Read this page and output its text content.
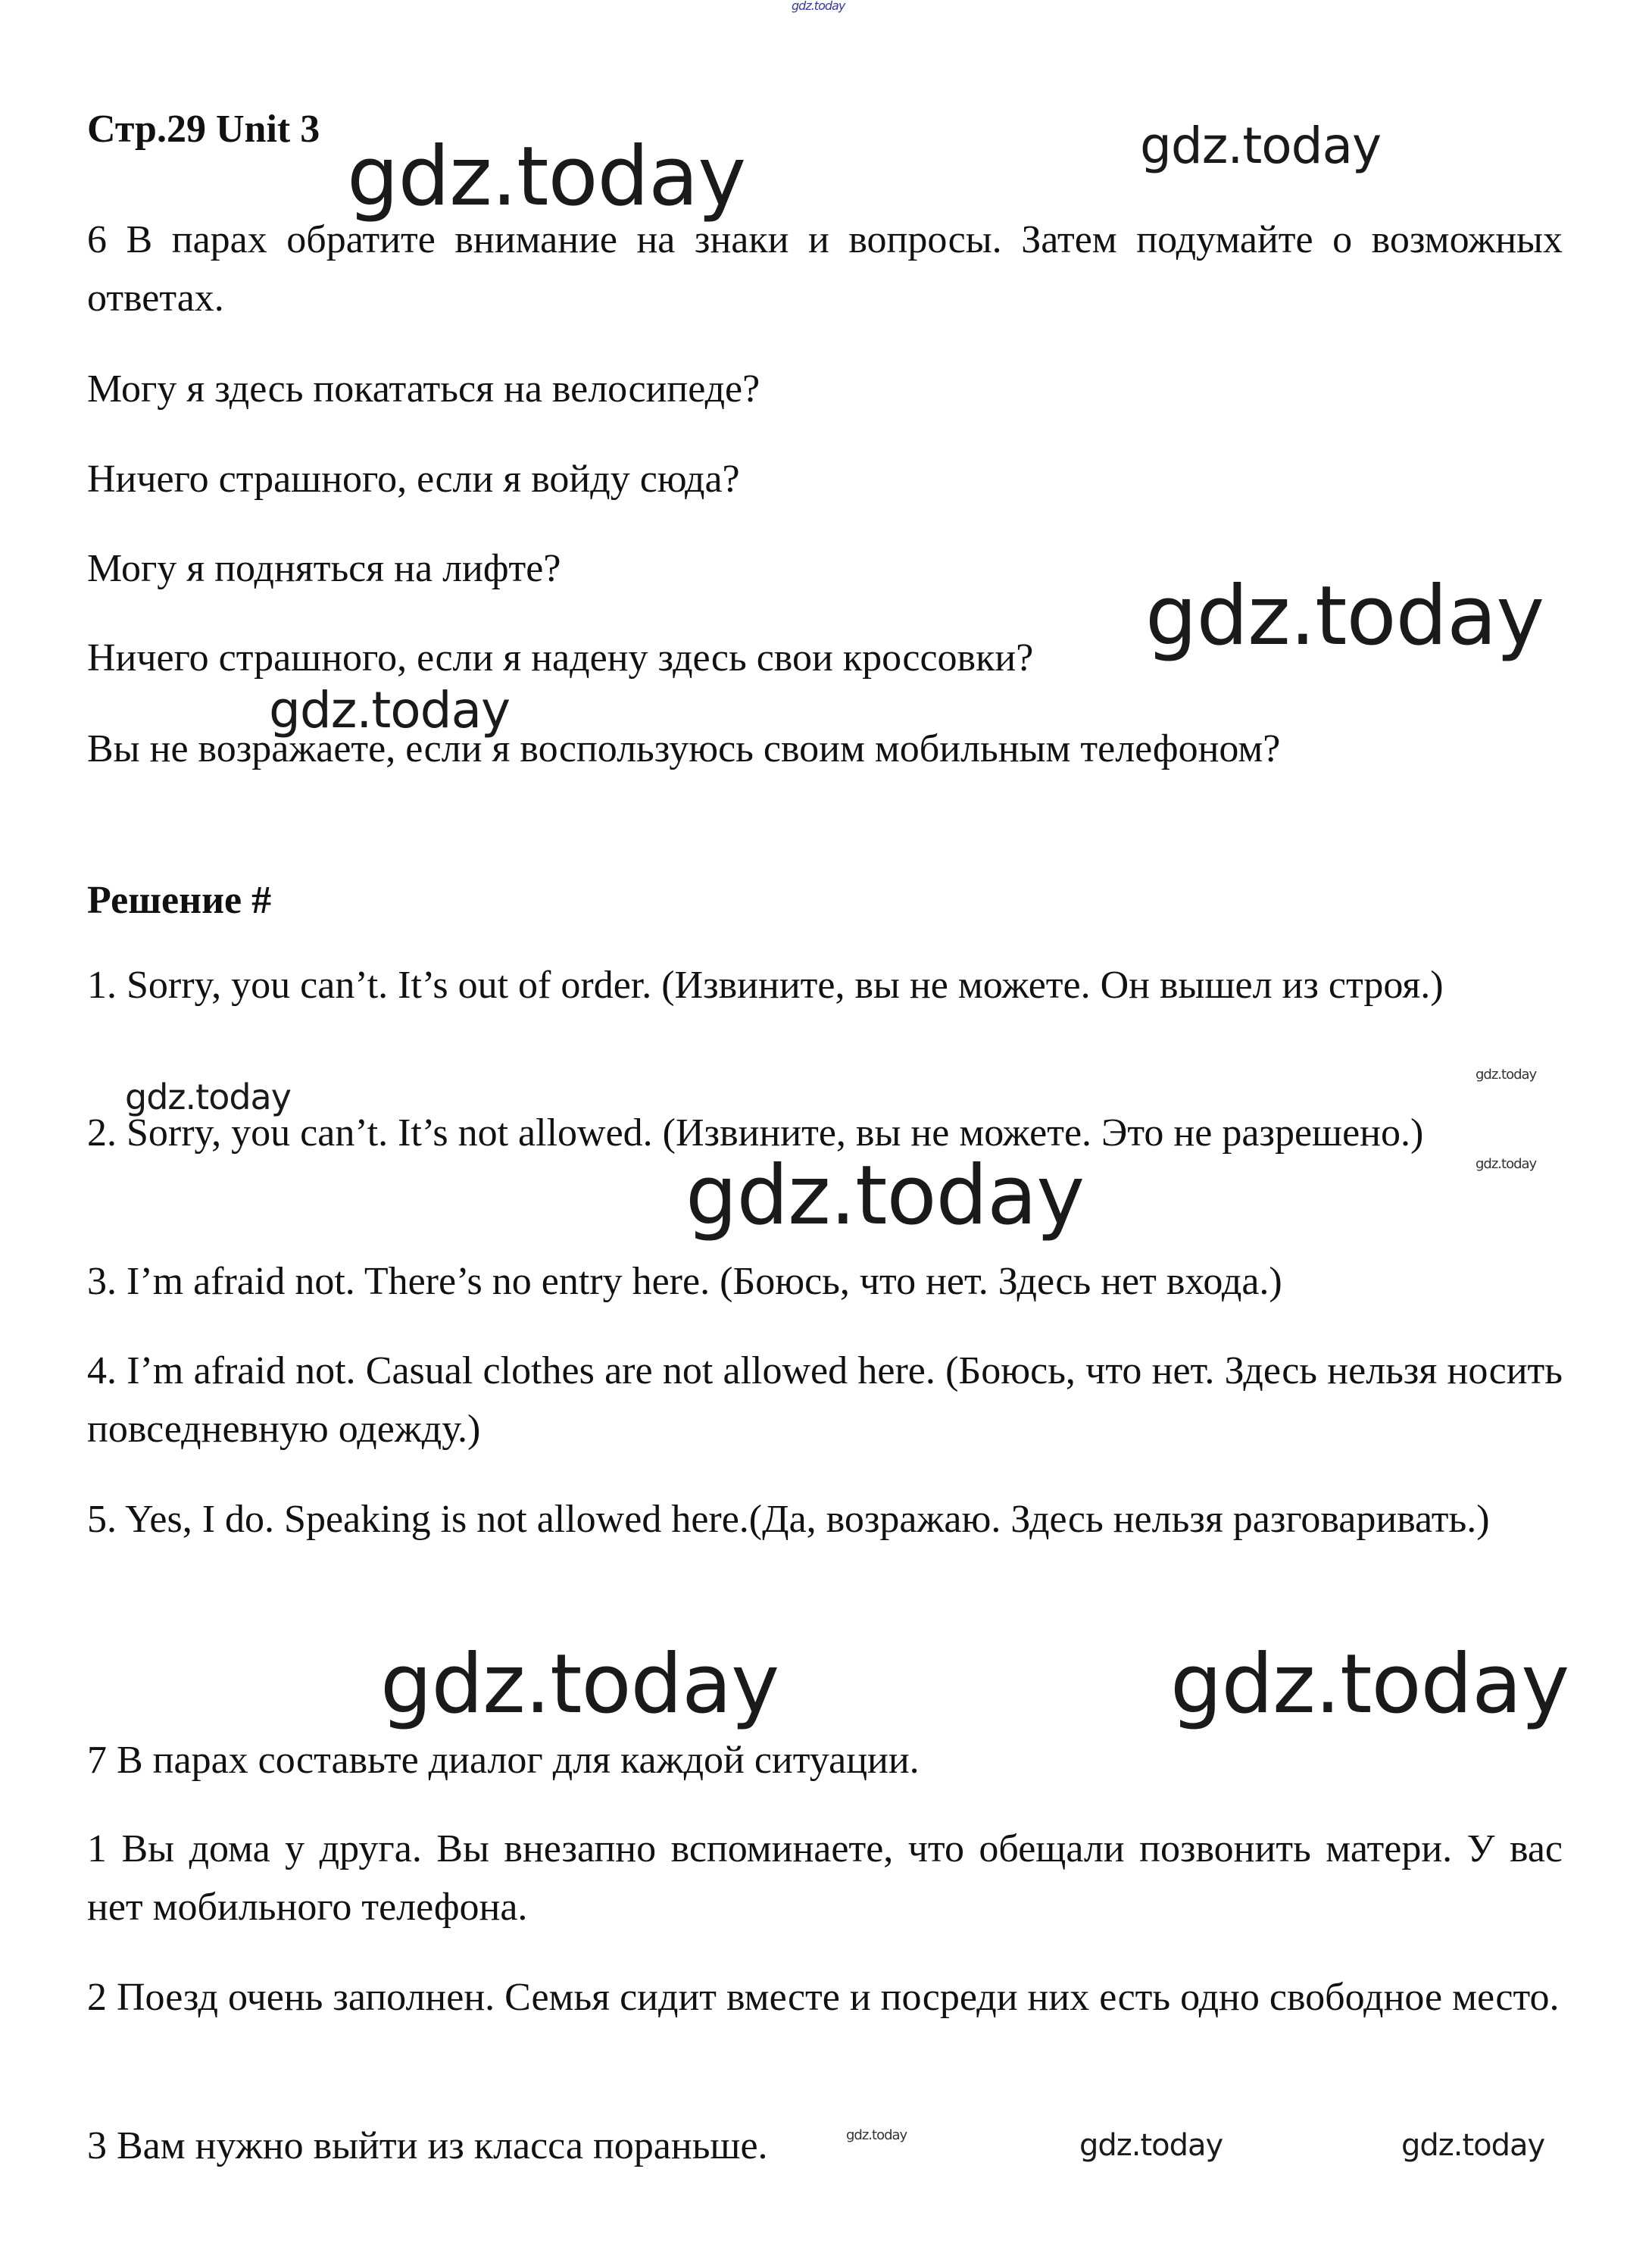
Стр.29 Unit 3
6 В парах обратите внимание на знаки и вопросы. Затем подумайте о возможных ответах.
Могу я здесь покататься на велосипеде?
Ничего страшного, если я войду сюда?
Могу я подняться на лифте?
Ничего страшного, если я надену здесь свои кроссовки?
Вы не возражаете, если я воспользуюсь своим мобильным телефоном?
Решение #
1. Sorry, you can’t. It’s out of order. (Извините, вы не можете. Он вышел из строя.)
2. Sorry, you can’t. It’s not allowed. (Извините, вы не можете. Это не разрешено.)
3. I’m afraid not. There’s no entry here. (Боюсь, что нет. Здесь нет входа.)
4. I’m afraid not. Casual clothes are not allowed here. (Боюсь, что нет. Здесь нельзя носить повседневную одежду.)
5. Yes, I do. Speaking is not allowed here.(Да, возражаю. Здесь нельзя разговаривать.)
7 В парах составьте диалог для каждой ситуации.
1 Вы дома у друга. Вы внезапно вспоминаете, что обещали позвонить матери. У вас нет мобильного телефона.
2 Поезд очень заполнен. Семья сидит вместе и посреди них есть одно свободное место.
3 Вам нужно выйти из класса пораньше.
gdz.today
gdz.today	gdz.today
gdz.today
gdz.today
gdz.today
gdz.today
gdz.today
gdz.today
gdz.today	gdz.today
gdz.today	gdz.today	gdz.today
